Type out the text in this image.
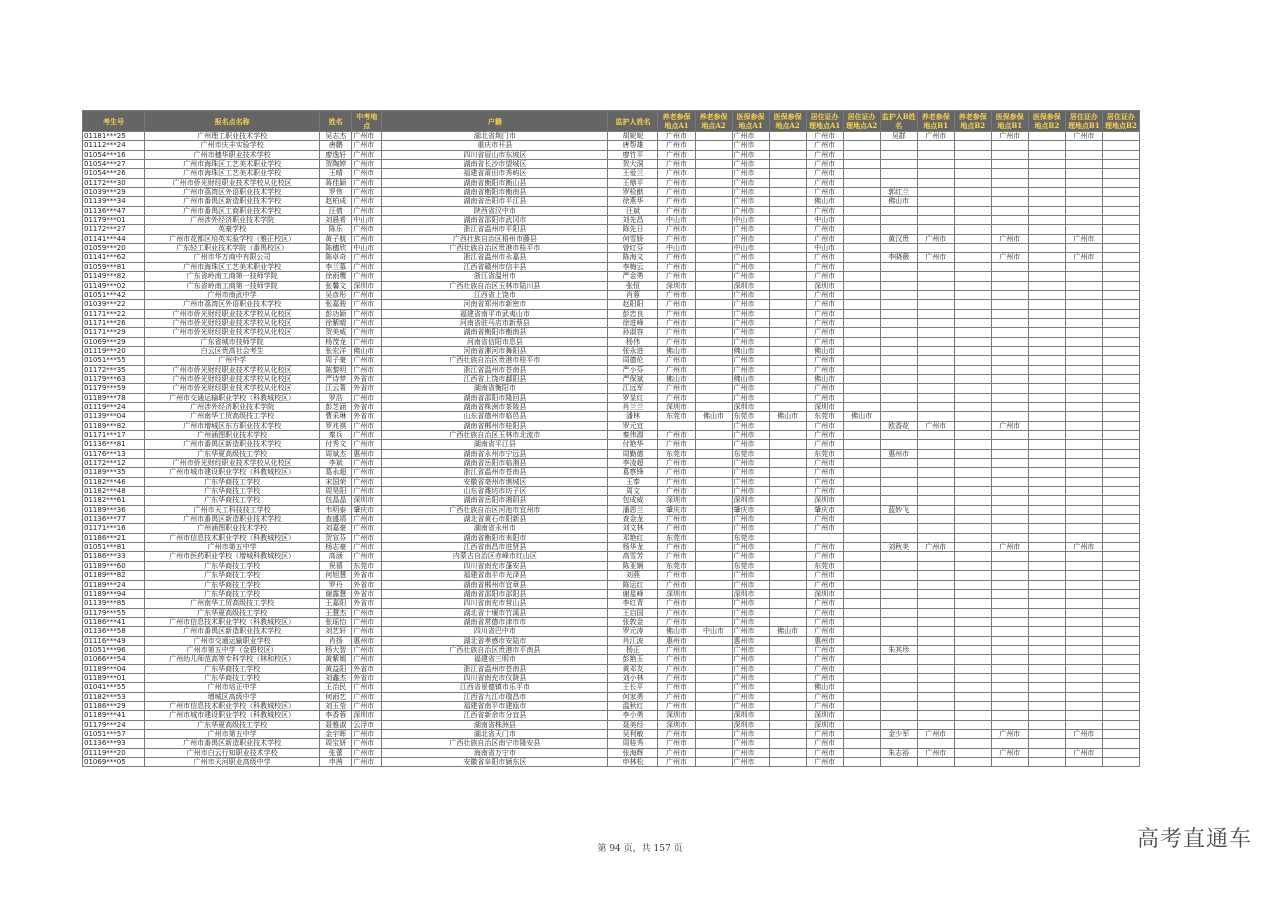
考生号	报名点名称	姓名	中考地点	户籍	监护人姓名	养老参保地点A1	养老参保地点A2	医保参保地点A1	医保参保地点A2	居住证办理地点A1	居住证办理地点A2	监护人B姓名	养老参保地点B1	养老参保地点B2	医保参保地点B1	医保参保地点B2	居住证办理地点B1	居住证办理地点B2
01181***25	广州理工职业技术学校	吴志杰	广州市	湖北省荆门市	胡妮妮	广州市		广州市		广州市		吴群	广州市		广州市		广州市	
01112***24	广州市庆丰实验学校	唐鹏	广州市	重庆市开县	唐帮雄	广州市		广州市		广州市								
01054***16	广州市穗华职业技术学校	廖逸轩	广州市	四川省眉山市东坡区	廖竹平	广州市		广州市		广州市								
01054***27	广州市海珠区工艺美术职业学校	贺陶婷	广州市	湖南省长沙市望城区	贺大洞	广州市		广州市		广州市								
01054***26	广州市海珠区工艺美术职业学校	王晴	广州市	福建省莆田市秀屿区	王爱兰	广州市		广州市		广州市								
01172***30	广州市侨光财经职业技术学校从化校区	蒋佳颖	广州市	湖南省衡阳市衡山县	王鼎平	广州市		广州市		广州市								
01039***29	广州市荔湾区外语职业技术学校	罗伟	广州市	湖南省衡阳市衡南县	罗检猷	广州市		广州市		广州市		郭红兰						
01139***34	广州市番禺区新造职业技术学校	赵柏成	广州市	湖南省岳阳市平江县	徐燕华	广州市		广州市		佛山市		佛山市						
01136***47	广州市番禺区工商职业技术学校	汪倩	广州市	陕西省汉中市	汪斌	广州市		广州市		广州市								
01179***01	广州涉外经济职业技术学院	刘晨希	中山市	湖南省邵阳市武冈市	刘先昌	中山市		中山市		中山市								
01172***27	英豪学校	陈乐	广州市	浙江省温州市平阳县	陈先日	广州市		广州市		广州市								
01141***44	广州市花都区培英实验学校（雅正校区）	黄子航	广州市	广西壮族自治区梧州市藤县	何雪娇	广州市		广州市		广州市		黄汉贵	广州市		广州市		广州市	
01059***20	广东轻工职业技术学院（番禺校区）	陈穗欣	中山市	广西壮族自治区贵港市桂平市	曾红芬	中山市		中山市		中山市								
01141***62	广州市华万商中有限公司	陈卓奇	广州市	浙江省温州市永嘉县	陈海文	广州市		广州市		广州市		李晓薇	广州市		广州市		广州市	
01059***81	广州市海珠区工艺美术职业学校	李兰慕	广州市	江西省赣州市信丰县	李梅云	广州市		广州市		广州市								
01149***82	广东省岭南工商第一技师学院	徐雨鹰	广州市	浙江省温州市	严金勇	广州市		广州市		广州市								
01149***02	广东省岭南工商第一技师学院	张馨文	深圳市	广西壮族自治区玉林市陆川县	张恒	深圳市		深圳市		深圳市								
01051***42	广州市南武中学	吴彦彤	广州市	江西省上饶市	肖蓉	广州市		广州市		广州市								
01039***22	广州市荔湾区外语职业技术学校	张嘉骏	广州市	河南省郑州市新密市	赵阳阳	广州市		广州市		广州市								
01171***22	广州市侨光财经职业技术学校从化校区	彭功颖	广州市	福建省南平市武夷山市	彭忠良	广州市		广州市		广州市								
01171***26	广州市侨光财经职业技术学校从化校区	徐紫晴	广州市	河南省驻马店市新蔡县	徐进峰	广州市		广州市		广州市								
01171***29	广州市侨光财经职业技术学校从化校区	贺美威	广州市	湖南省衡阳市衡南县	孙淑容	广州市		广州市		广州市								
01069***29	广东省城市技师学院	杨茂龙	广州市	河南省信阳市息县	杨伟	广州市		广州市		广州市								
01119***20	白云区贵高社会考生	张宏洋	佛山市	河南省漯河市舞阳县	张永进	佛山市		佛山市		佛山市								
01051***55	广州中学	周子豪	广州市	广西壮族自治区贵港市桂平市	周德伦	广州市		广州市		广州市								
01172***35	广州市侨光财经职业技术学校从化校区	陈黎明	广州市	浙江省温州市苍南县	严小芬	广州市		广州市		广州市								
01179***63	广州市侨光财经职业技术学校从化校区	严诗梦	外省市	江西省上饶市鄱阳县	严保斌	佛山市		佛山市		佛山市								
01179***59	广州市侨光财经职业技术学校从化校区	江云菁	外省市	湖南省衡阳市	江远军	广州市		广州市		广州市								
01189***78	广州市交通运输职业学校（科教城校区）	罗浩	广州市	湖南省邵阳市隆回县	罗显红	广州市		广州市		广州市								
01119***24	广州涉外经济职业技术学院	彭芝涵	外省市	湖南省株洲市茶陵县	肖兰兰	深圳市		深圳市		深圳市								
01139***04	广州南华工贸高级技工学校	曹采琳	外省市	山东省德州市临邑县	潘林	东莞市	佛山市	东莞市	佛山市	东莞市	佛山市							
01189***82	广州市增城区东方职业技术学校	罗兆祺	广州市	湖南省郴州市桂阳县	罗元宜			广州市		广州市		欧香花	广州市		广州市			
01171***17	广州涌图职业技术学校	秦兵	广州市	广西壮族自治区玉林市北流市	秦伟源	广州市		广州市		广州市								
01136***81	广州市番禺区新造职业技术学校	付秀文	广州市	湖南省平江县	付艳华	广州市		广州市		广州市								
01176***13	广东华夏高级技工学校	周斌杰	惠州市	湖南省永州市宁远县	周勤德	东莞市		东莞市		东莞市		惠州市						
01172***12	广州市侨光财经职业技术学校从化校区	李斌	广州市	湖南省岳阳市临湘县	李凌超	广州市		广州市		广州市								
01189***35	广州市城市建设职业学校（科教城校区）	葛永超	广州市	浙江省温州市苍南县	葛察锋	广州市		广州市		广州市								
01182***46	广东华商技工学校	宋国荣	广州市	安徽省亳州市谯城区	王奉	广州市		广州市		广州市								
01182***48	广东华商技工学校	周昊阳	广州市	山东省潍坊市坊子区	周文	广州市		广州市		广州市								
01182***61	广东华商技工学校	包晶晶	深圳市	湖南省岳阳市湘阴县	包成威	深圳市		深圳市		深圳市								
01189***36	广州市天工科技技工学校	韦明泰	肇庆市	广西壮族自治区河池市宜州市	潘恩兰	肇庆市		肇庆市		肇庆市		蓝妙飞						
01136***77	广州市番禺区新造职业技术学校	查盛靖	广州市	湖北省黄石市阳新县	查金龙	广州市		广州市		广州市								
01171***16	广州涌图职业技术学校	刘嘉豪	广州市	湖南省永州市	刘文林	广州市		广州市		广州市								
01186***21	广州市信息技术职业学校（科教城校区）	贺宣芬	广州市	湖南省衡阳市耒阳市	邓艳红	东莞市		东莞市										
01051***81	广州市第五中学	杨志豪	广州市	江西省南昌市进贤县	杨华龙	广州市		广州市		广州市		刘秋美	广州市		广州市		广州市	
01186***33	广州市医药职业学校（增城科教城校区）	高涵	广州市	内蒙古自治区赤峰市红山区	高雪芳	广州市		广州市		广州市								
01189***60	广东华商技工学校	祝禧	东莞市	四川省南充市蓬安县	陈亚娴	东莞市		东莞市		东莞市								
01189***82	广东华商技工学校	何旭慧	外省市	福建省南平市光泽县	刘燕	广州市		广州市		广州市								
01189***24	广东华商技工学校	罗丹	外省市	湖南省郴州市宜章县	陈运红	广州市		广州市		广州市								
01189***94	广东华商技工学校	谢露慧	外省市	湖南省邵阳市邵阳县	谢星峰	深圳市		深圳市		深圳市								
01139***85	广州南华工贸高级技工学校	王嘉阳	外省市	四川省南充市营山县	李红青	广州市		广州市		广州市								
01179***55	广东华夏高级技工学校	王慧杰	广州市	湖北省十堰市竹溪县	王启国	广州市		广州市		广州市								
01186***41	广州市信息技术职业学校（科教城校区）	张瑶怡	广州市	湖南省常德市津市市	张敦金	广州市		广州市		广州市								
01136***58	广州市番禺区新造职业技术学校	刘艺轩	广州市	四川省巴中市	罗元涛	佛山市	中山市	广州市	佛山市	广州市								
01116***49	广州市交通运输职业学校	肖扬	惠州市	湖北省孝感市安陆市	肖江波	惠州市		惠州市		惠州市								
01051***96	广州市第五中学（金碧校区）	杨大智	广州市	广西壮族自治区贵港市平南县	杨正	广州市		广州市		广州市		朱其珍						
01066***54	广州幼儿师范高等专科学校（林和校区）	黄紫嫣	广州市	福建省三明市	彭艳玉	广州市		广州市		广州市								
01189***04	广东华商技工学校	黄益阳	外省市	浙江省温州市苍南县	黄邓友	广州市		广州市		广州市								
01189***01	广东华商技工学校	刘鑫杰	外省市	四川省南充市仪陇县	刘小林	广州市		广州市		广州市								
01041***55	广州市培正中学	王治民	广州市	江西省景德镇市乐平市	王长平	广州市		广州市		佛山市								
01182***53	增城区高级中学	何雨艺	广州市	江西省九江市瑞昌市	何家勇	广州市		广州市		广州市								
01186***29	广州市信息技术职业学校（科教城校区）	刘玉莹	广州市	福建省南平市建瓯市	温秋红	广州市		广州市		广州市								
01189***41	广州市城市建设职业学校（科教城校区）	李香蓉	深圳市	江西省新余市分宜县	李小勇	深圳市		深圳市		深圳市								
01179***24	广东华夏高级技工学校	聂雅淑	云浮市	湖南省株洲县	聂美经	深圳市		深圳市		深圳市								
01051***57	广州市第五中学	金宇晖	广州市	湖北省天门市	吴利敏	广州市		广州市		广州市		金少军	广州市		广州市		广州市	
01136***93	广州市番禺区新造职业技术学校	周宝妍	广州市	广西壮族自治区南宁市隆安县	周桂秀	广州市		广州市		广州市								
01119***20	广州市白云行知职业技术学校	张蕾	广州市	海南省万宁市	张海辉	广州市		广州市		广州市		朱志裕	广州市		广州市		广州市	
01069***05	广州市天河职业高级中学	申茜	广州市	安徽省阜阳市颍东区	申林松	广州市		广州市		广州市								
第 94 页，共 157 页	高考直通车
